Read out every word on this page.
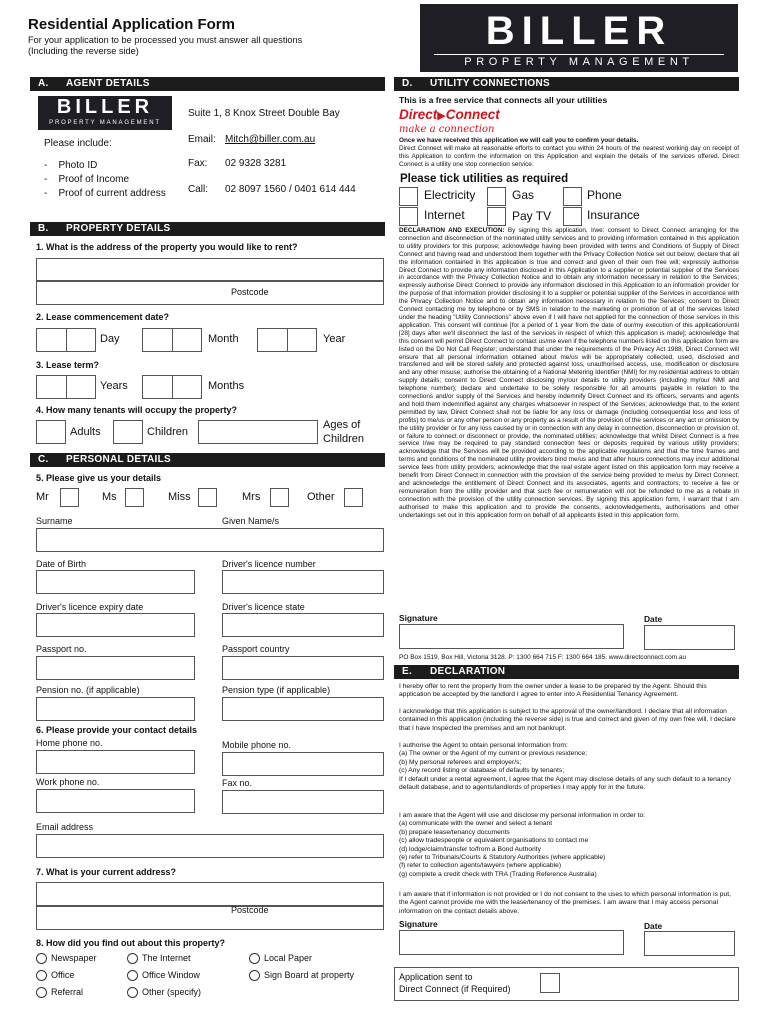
Residential Application Form
For your application to be processed you must answer all questions
(Including the reverse side)	BILLER
PROPERTY MANAGEMENT
A. AGENT DETAILS
BILLER
PROPERTY MANAGEMENT
Suite 1, 8 Knox Street Double Bay
Email: Mitch@biller.com.au
Fax: 02 9328 3281
Call: 02 8097 1560 / 0401 614 444
Please include:
-    Photo ID
-    Proof of Income
-    Proof of current address
B. PROPERTY DETAILS
1. What is the address of the property you would like to rent?
Postcode
2. Lease commencement date?
Day	Month	Year
3. Lease term?
Years	Months
4. How many tenants will occupy the property?
Adults	Children
Ages of
Children
C. PERSONAL DETAILS
5. Please give us your details
Mr	Ms	Miss	Mrs	Other
Surname	Given Name/s
Date of Birth	Driver's licence number
Driver's licence expiry date	Driver's licence state
Passport no.	Passport country
Pension no. (if applicable)	Pension type (if applicable)
6. Please provide your contact details
Home phone no.	Mobile phone no.
Work phone no.	Fax no.
Email address
7. What is your current address?
Postcode
8. How did you find out about this property?
Newspaper	The Internet	Local Paper
Office	Office Window	Sign Board at property
Referral	Other (specify)
D. UTILITY CONNECTIONS
This is a free service that connects all your utilities
Direct▶Connect
make a connection
Once we have received this application we will call you to confirm your details.
Direct Connect will make all reasonable efforts to contact you within 24 hours of the nearest working day on receipt of this Application to confirm the information on this Application and explain the details of the services offered. Direct Connect is a utility one stop connection service.
Please tick utilities as required
Electricity	Gas	Phone
Internet	Pay TV	Insurance
DECLARATION AND EXECUTION: By signing this application, I/we: consent to Direct Connect arranging for the connection and disconnection of the nominated utility services and to providing information contained in this application to utility providers for this purpose; acknowledge having been provided with terms and Conditions of Supply of Direct Connect and having read and understood them together with the Privacy Collection Notice set out below; declare that all the information contained in this application is true and correct and given of their own free will; expressly authorise Direct Connect to provide any information disclosed in this Application to a supplier or potential supplier of the Services in accordance with the Privacy Collection Notice and to obtain any information necessary in relation to the Services; expressly authorise Direct Connect to provide any information disclosed in this Application to an information provider for the purpose of that information provider disclosing it to a supplier or potential supplier of the Services in accordance with the Privacy Collection Notice and to obtain any information necessary in relation to the Services; consent to Direct Connect contacting me by telephone or by SMS in relation to the marketing or promotion of all of the services listed under the heading "Utility Connections" above even if I will have not applied for the connection of those services in this application. This consent will continue [for a period of 1 year from the date of our/my execution of this application/until [28] days after we'll disconnect the last of the services in respect of which this application is made]; acknowledge that this consent will permit Direct Connect to contact us/me even if the telephone numbers listed on this application form are listed on the Do Not Call Register; understand that under the requirements of the Privacy Act 1988, Direct Connect will ensure that all personal information obtained about me/us will be appropriately collected, used, disclosed and transferred and will be stored safely and protected against loss, unauthorised access, use, modification or disclosure and any other misuse; authorise the obtaining of a National Metering Identifier (NMI) for my residential address to obtain supply details; consent to Direct Connect disclosing my/our details to utility providers (including my/our NMI and telephone number); declare and undertake to be solely responsible for all amounts payable in relation to the connections and/or supply of the Services and hereby indemnify Direct Connect and its officers, servants and agents and hold them indemnified against any charges whatsoever in respect of the Services; acknowledge that, to the extent permitted by law, Direct Connect shall not be liable for any loss or damage (including consequential loss and loss of profits) to me/us or any other person or any property as a result of the provision of the services or any act or omission by the utility provider or for any loss caused by or in connection with any delay in connection, disconnection or provision of, or failure to connect or disconnect or provide, the nominated utilities; acknowledge that whilst Direct Connect is a free service I/we may be required to pay standard connection fees or deposits required by various utility providers; acknowledge that the Services will be provided according to the applicable regulations and that the time frames and terms and conditions of the nominated utility providers bind me/us and that after hours connections may incur additional service fees from utility providers; acknowledge that the real estate agent listed on this application form may receive a benefit from Direct Connect in connection with the provision of the service being provided to me/us by Direct Connect; and acknowledge the entitlement of Direct Connect and its associates, agents and contractors, to receive a fee or remuneration from the utility provider and that such fee or remuneration will not be refunded to me as a rebate in connection with the provision of the utility connection services. By signing this application form, I warrant that I am authorised to make this application and to provide the consents, acknowledgements, authorisations and other undertakings set out in this application form on behalf of all applicants listed in this application form.
Signature	Date
PO Box 1519, Box Hill, Victoria 3128. P: 1300 664 715 F: 1300 664 185. www.directconnect.com.au
E. DECLARATION
I hereby offer to rent the property from the owner under a lease to be prepared by the Agent. Should this application be accepted by the landlord I agree to enter into A Residential Tenancy Agreement.
I acknowledge that this application is subject to the approval of the owner/landlord. I declare that all information contained in this application (including the reverse side) is true and correct and given of my own free will. I declare that I have Inspected the premises and am not bankrupt.
I authorise the Agent to obtain personal Information from:
(a) The owner or the Agent of my current or previous residence;
(b) My personal referees and employer/s;
(c) Any record listing or database of defaults by tenants;
If I default under a rental agreement, I agree that the Agent may disclose details of any such default to a tenancy default database, and to agents/landlords of properties I may apply for in the future.
I am aware that the Agent will use and disclose my personal information in order to:
(a) communicate with the owner and select a tenant
(b) prepare lease/tenancy documents
(c) allow tradespeople or equivalent organisations to contact me
(d) lodge/claim/transfer to/from a Bond Authority
(e) refer to Tribunals/Courts & Statutory Authorities (where applicable)
(f) refer to collection agents/lawyers (where applicable)
(g) complete a credit check with TRA (Trading Reference Australia)
I am aware that if information is not provided or I do not consent to the uses to which personal information is put, the Agent cannot provide me with the lease/tenancy of the premises. I am aware that I may access personal information on the contact details above.
Signature	Date
Application sent to
Direct Connect (if Required)
